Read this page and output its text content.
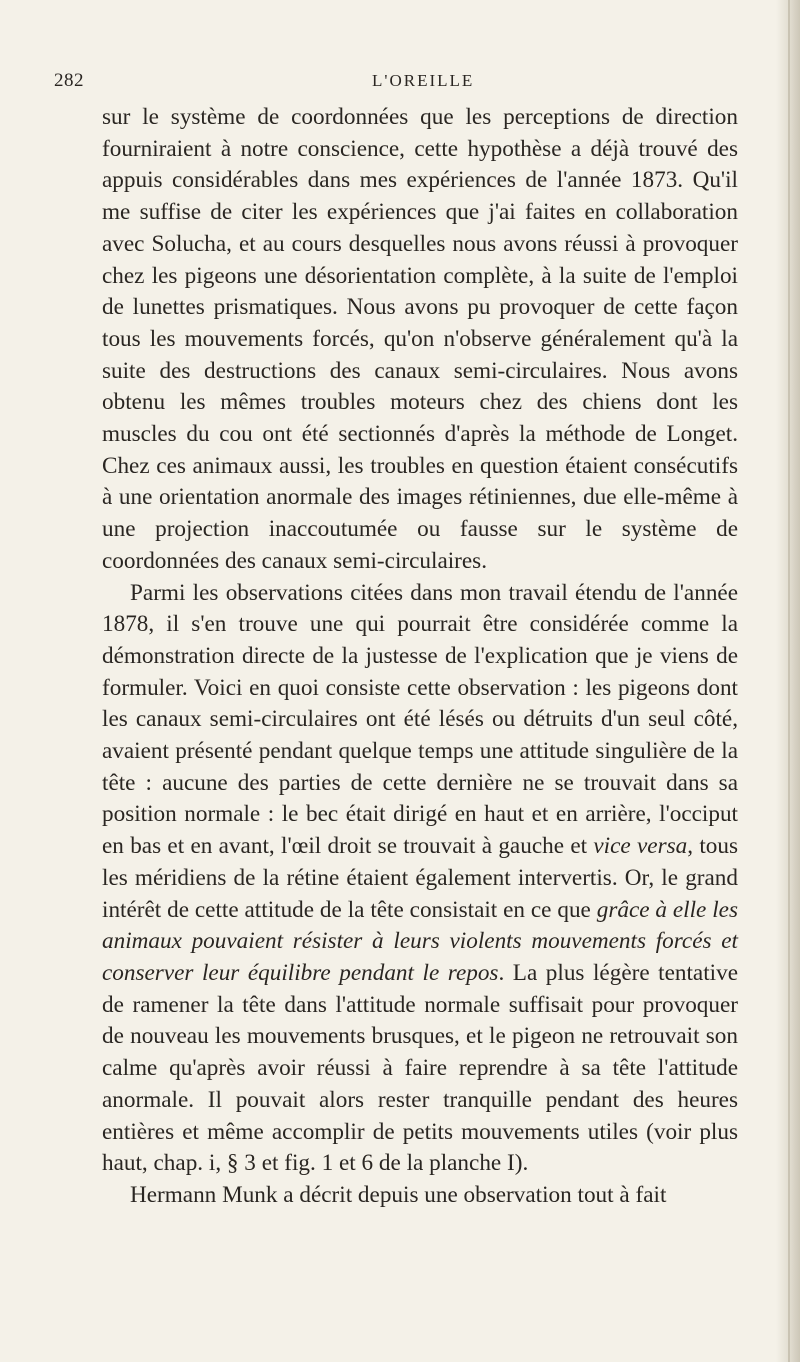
282	L'OREILLE

sur le système de coordonnées que les perceptions de direction fourniraient à notre conscience, cette hypothèse a déjà trouvé des appuis considérables dans mes expériences de l'année 1873. Qu'il me suffise de citer les expériences que j'ai faites en collaboration avec Solucha, et au cours desquelles nous avons réussi à provoquer chez les pigeons une désorientation complète, à la suite de l'emploi de lunettes prismatiques. Nous avons pu provoquer de cette façon tous les mouvements forcés, qu'on n'observe généralement qu'à la suite des destructions des canaux semi-circulaires. Nous avons obtenu les mêmes troubles moteurs chez des chiens dont les muscles du cou ont été sectionnés d'après la méthode de Longet. Chez ces animaux aussi, les troubles en question étaient consécutifs à une orientation anormale des images rétiniennes, due elle-même à une projection inaccoutumée ou fausse sur le système de coordonnées des canaux semi-circulaires.

Parmi les observations citées dans mon travail étendu de l'année 1878, il s'en trouve une qui pourrait être considérée comme la démonstration directe de la justesse de l'explication que je viens de formuler. Voici en quoi consiste cette observation : les pigeons dont les canaux semi-circulaires ont été lésés ou détruits d'un seul côté, avaient présenté pendant quelque temps une attitude singulière de la tête : aucune des parties de cette dernière ne se trouvait dans sa position normale : le bec était dirigé en haut et en arrière, l'occiput en bas et en avant, l'œil droit se trouvait à gauche et vice versa, tous les méridiens de la rétine étaient également intervertis. Or, le grand intérêt de cette attitude de la tête consistait en ce que grâce à elle les animaux pouvaient résister à leurs violents mouvements forcés et conserver leur équilibre pendant le repos. La plus légère tentative de ramener la tête dans l'attitude normale suffisait pour provoquer de nouveau les mouvements brusques, et le pigeon ne retrouvait son calme qu'après avoir réussi à faire reprendre à sa tête l'attitude anormale. Il pouvait alors rester tranquille pendant des heures entières et même accomplir de petits mouvements utiles (voir plus haut, chap. i, § 3 et fig. 1 et 6 de la planche I).

Hermann Munk a décrit depuis une observation tout à fait
